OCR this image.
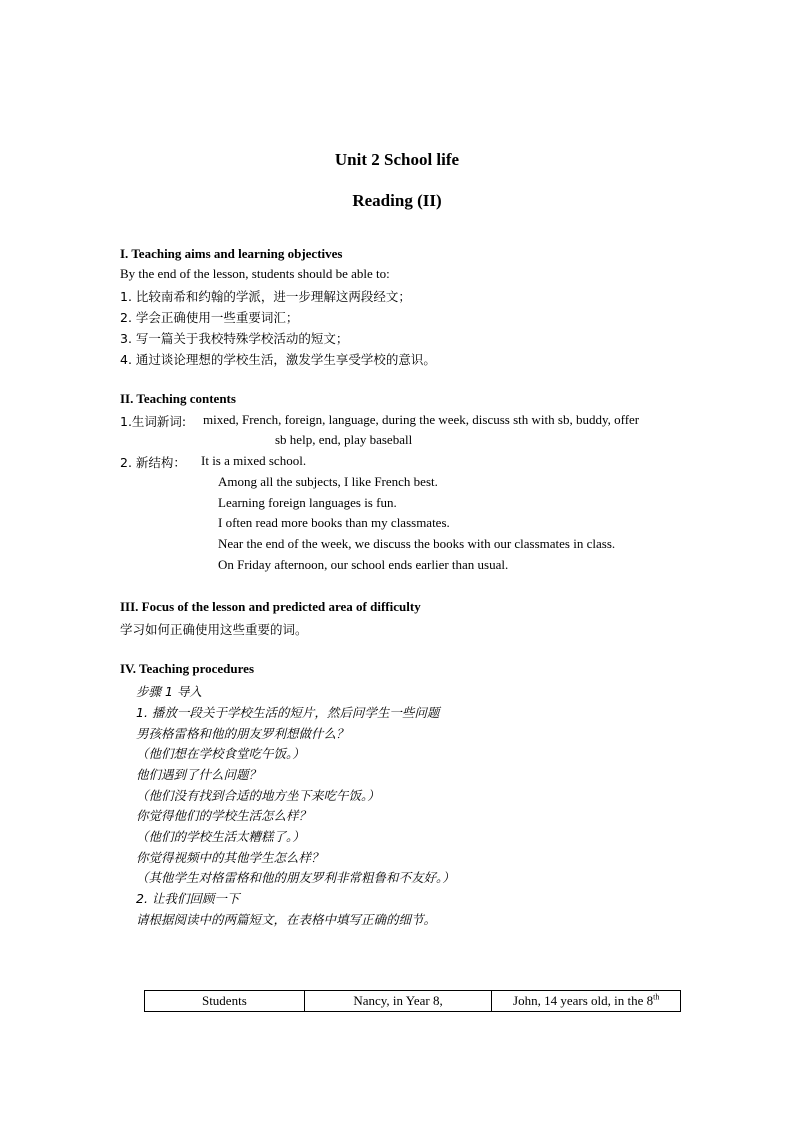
Unit 2 School life
Reading (II)
I. Teaching aims and learning objectives
By the end of the lesson, students should be able to:
1. 比较南希和约翰的学派，进一步理解这两段经文；
2. 学会正确使用一些重要词汇；
3. 写一篇关于我校特殊学校活动的短文；
4. 通过谈论理想的学校生活，激发学生享受学校的意识。
II. Teaching contents
1.生词新词: mixed, French, foreign, language, during the week, discuss sth with sb, buddy, offer
sb help, end, play baseball
2. 新结构： It is a mixed school.
Among all the subjects, I like French best.
Learning foreign languages is fun.
I often read more books than my classmates.
Near the end of the week, we discuss the books with our classmates in class.
On Friday afternoon, our school ends earlier than usual.
III. Focus of the lesson and predicted area of difficulty
学习如何正确使用这些重要的词。
IV. Teaching procedures
步骤 1 导入
1. 播放一段关于学校生活的短片，然后问学生一些问题
男孩格雷格和他的朋友罗利想做什么？
（他们想在学校食堂吃午饭。）
他们遇到了什么问题？
（他们没有找到合适的地方坐下来吃午饭。）
你觉得他们的学校生活怎么样？
（他们的学校生活太糟糕了。）
你觉得视频中的其他学生怎么样？
（其他学生对格雷格和他的朋友罗利非常粗鲁和不友好。）
2. 让我们回顾一下
请根据阅读中的两篇短文，在表格中填写正确的细节。
Students	Nancy, in Year 8,	John, 14 years old, in the 8th
